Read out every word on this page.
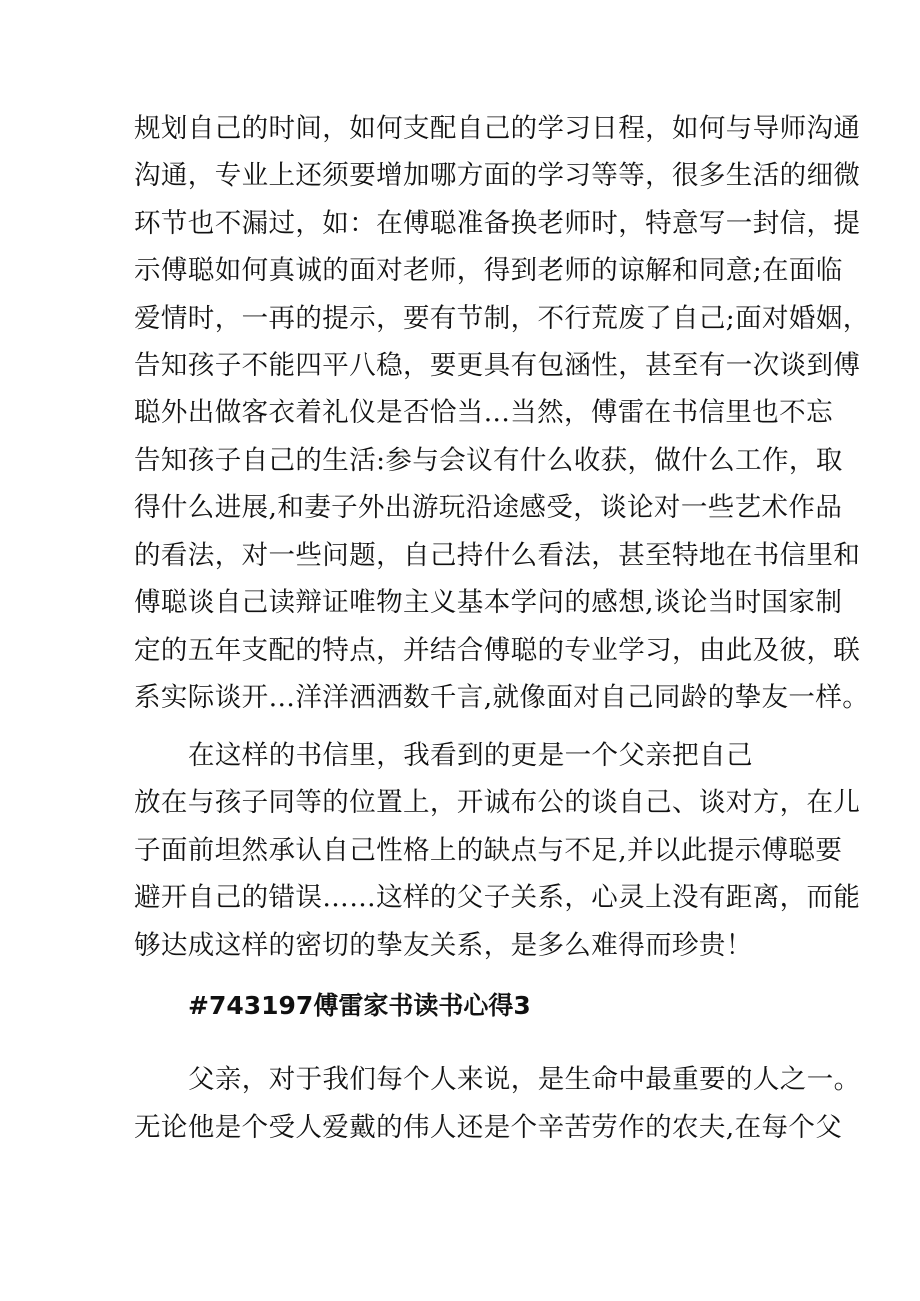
规划自己的时间，如何支配自己的学习日程，如何与导师沟通
沟通，专业上还须要增加哪方面的学习等等，很多生活的细微
环节也不漏过，如：在傅聪准备换老师时，特意写一封信，提
示傅聪如何真诚的面对老师，得到老师的谅解和同意;在面临
爱情时，一再的提示，要有节制，不行荒废了自己;面对婚姻，
告知孩子不能四平八稳，要更具有包涵性，甚至有一次谈到傅
聪外出做客衣着礼仪是否恰当...当然，傅雷在书信里也不忘
告知孩子自己的生活:参与会议有什么收获，做什么工作，取
得什么进展,和妻子外出游玩沿途感受，谈论对一些艺术作品
的看法，对一些问题，自己持什么看法，甚至特地在书信里和
傅聪谈自己读辩证唯物主义基本学问的感想,谈论当时国家制
定的五年支配的特点，并结合傅聪的专业学习，由此及彼，联
系实际谈开…洋洋洒洒数千言,就像面对自己同龄的挚友一样。
在这样的书信里，我看到的更是一个父亲把自己
放在与孩子同等的位置上，开诚布公的谈自己、谈对方，在儿
子面前坦然承认自己性格上的缺点与不足,并以此提示傅聪要
避开自己的错误……这样的父子关系，心灵上没有距离，而能
够达成这样的密切的挚友关系，是多么难得而珍贵！
#743197傅雷家书读书心得3
父亲，对于我们每个人来说，是生命中最重要的人之一。
无论他是个受人爱戴的伟人还是个辛苦劳作的农夫,在每个父
